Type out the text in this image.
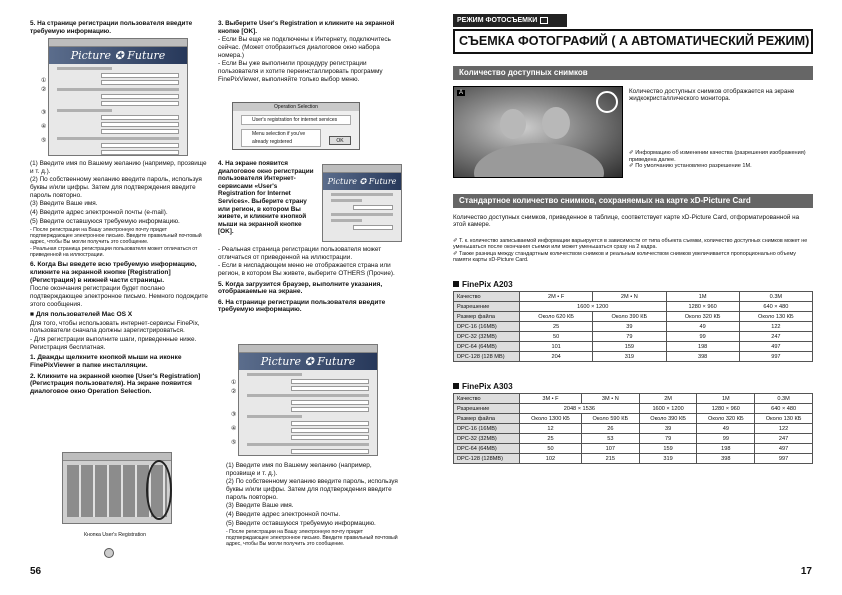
5. На странице регистрации пользователя введите требуемую информацию.

Picture ✪ Future
①
②
③
④
⑤

(1) Введите имя по Вашему желанию (например, прозвище и т. д.).

(2) По собственному желанию введите пароль, используя буквы и/или цифры. Затем для подтверждения введите пароль повторно.

(3) Введите Ваше имя.

(4) Введите адрес электронной почты (e-mail).

(5) Введите оставшуюся требуемую информацию.

- После регистрации на Вашу электронную почту придет подтверждающее электронное письмо. Введите правильный почтовый адрес, чтобы Вы могли получить это сообщение.

- Реальная страница регистрации пользователя может отличаться от приведенной на иллюстрации.

6. Когда Вы введете всю требуемую информацию, кликните на экранной кнопке [Registration] (Регистрация) в нижней части страницы.

После окончания регистрации будет послано подтверждающее электронное письмо. Немного подождите этого сообщения.

■ Для пользователей Mac OS X

Для того, чтобы использовать интернет-сервисы FinePix, пользователи сначала должны зарегистрироваться.

- Для регистрации выполните шаги, приведенные ниже. Регистрация бесплатная.

1. Дважды щелкните кнопкой мыши на иконке FinePixViewer в папке инсталляции.

2. Кликните на экранной кнопке [User's Registration] (Регистрация пользователя). На экране появится диалоговое окно Operation Selection.

Кнопка User's Registration

3. Выберите User's Registration и кликните на экранной кнопке [OK].

- Если Вы еще не подключены к Интернету, подключитесь сейчас. (Может отобразиться диалоговое окно набора номера.)

- Если Вы уже выполнили процедуру регистрации пользователя и хотите переинсталлировать программу FinePixViewer, выполняйте только выбор меню.

Operation Selection
User's registration for internet services
Menu selection if you've already registered	OK

4. На экране появится диалоговое окно регистрации пользователя Интернет-сервисами «User's Registration for Internet Services». Выберите страну или регион, в котором Вы живете, и кликните кнопкой мыши на экранной кнопке [OK].

Picture ✪ Future

- Реальная страница регистрации пользователя может отличаться от приведенной на иллюстрации.

- Если в ниспадающем меню не отображается страна или регион, в котором Вы живете, выберите OTHERS (Прочие).

5. Когда загрузится браузер, выполните указания, отображаемые на экране.

6. На странице регистрации пользователя введите требуемую информацию.

Picture ✪ Future
①
②
③
④
⑤

(1) Введите имя по Вашему желанию (например, прозвище и т. д.).

(2) По собственному желанию введите пароль, используя буквы и/или цифры. Затем для подтверждения введите пароль повторно.

(3) Введите Ваше имя.

(4) Введите адрес электронной почты.

(5) Введите оставшуюся требуемую информацию.

- После регистрации на Вашу электронную почту придет подтверждающее электронное письмо. Введите правильный почтовый адрес, чтобы Вы могли получить это сообщение.

56
РЕЖИМ ФОТОСЪЕМКИ
СЪЕМКА ФОТОГРАФИЙ ( A АВТОМАТИЧЕСКИЙ РЕЖИМ)
Количество доступных снимков
A	Количество доступных снимков отображается на экране жидкокристаллического монитора.

✐ Информацию об изменении качества (разрешения изображения) приведена далее.

✐ По умолчанию установлено разрешение 1М.

Стандартное количество снимков, сохраняемых на карте xD-Picture Card
Количество доступных снимков, приведенное в таблице, соответствует карте xD-Picture Card, отформатированной на этой камере.

✐ Т. к. количество записываемой информации варьируется в зависимости от типа объекта съемки, количество доступных снимков может не уменьшаться после окончания съемки или может уменьшаться сразу на 2 кадра.

✐ Также разница между стандартным количеством снимков и реальным количеством снимков увеличивается пропорционально объему памяти карты xD-Picture Card.

FinePix A203
Качество	2M • F	2M • N	1M	0.3M
Разрешение	1600 × 1200		1280 × 960	640 × 480
Размер файла	Около 620 КБ	Около 390 КБ	Около 320 КБ	Около 130 КБ
DPC-16 (16MB)	25	39	49	122
DPC-32 (32MB)	50	79	99	247
DPC-64 (64MB)	101	159	198	497
DPC-128 (128 MB)	204	319	398	997
FinePix A303
Качество	3M • F	3M • N	2M	1M	0.3M
Разрешение	2048 × 1536		1600 × 1200	1280 × 960	640 × 480
Размер файла	Около 1300 КБ	Около 590 КБ	Около 390 КБ	Около 320 КБ	Около 130 КБ
DPC-16 (16MB)	12	26	39	49	122
DPC-32 (32MB)	25	53	79	99	247
DPC-64 (64MB)	50	107	159	198	497
DPC-128 (128MB)	102	215	319	398	997
17
